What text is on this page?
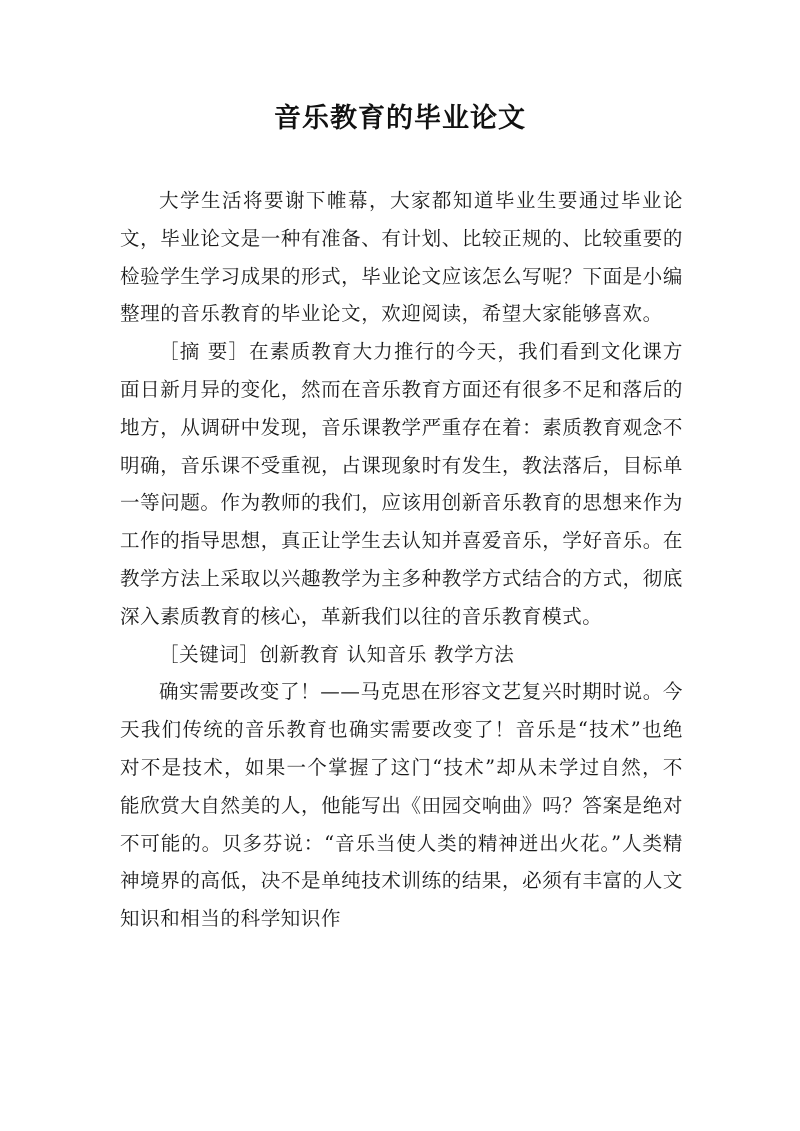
音乐教育的毕业论文

大学生活将要谢下帷幕，大家都知道毕业生要通过毕业论文，毕业论文是一种有准备、有计划、比较正规的、比较重要的检验学生学习成果的形式，毕业论文应该怎么写呢？下面是小编整理的音乐教育的毕业论文，欢迎阅读，希望大家能够喜欢。

［摘 要］在素质教育大力推行的今天，我们看到文化课方面日新月异的变化，然而在音乐教育方面还有很多不足和落后的地方，从调研中发现，音乐课教学严重存在着：素质教育观念不明确，音乐课不受重视，占课现象时有发生，教法落后，目标单一等问题。作为教师的我们，应该用创新音乐教育的思想来作为工作的指导思想，真正让学生去认知并喜爱音乐，学好音乐。在教学方法上采取以兴趣教学为主多种教学方式结合的方式，彻底深入素质教育的核心，革新我们以往的音乐教育模式。

［关键词］创新教育 认知音乐 教学方法

确实需要改变了！——马克思在形容文艺复兴时期时说。今天我们传统的音乐教育也确实需要改变了！音乐是“技术”也绝对不是技术，如果一个掌握了这门“技术”却从未学过自然，不能欣赏大自然美的人，他能写出《田园交响曲》吗？答案是绝对不可能的。贝多芬说：“音乐当使人类的精神迸出火花。”人类精神境界的高低，决不是单纯技术训练的结果，必须有丰富的人文知识和相当的科学知识作
